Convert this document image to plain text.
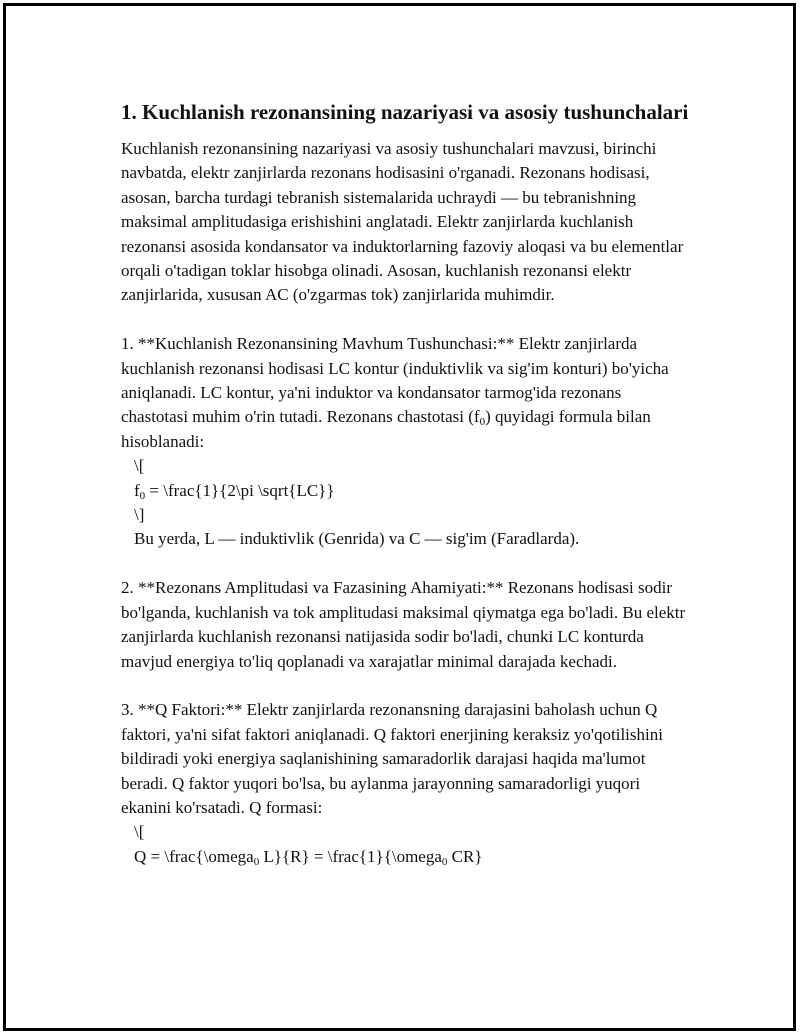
1. Kuchlanish rezonansining nazariyasi va asosiy tushunchalari

Kuchlanish rezonansining nazariyasi va asosiy tushunchalari mavzusi, birinchi navbatda, elektr zanjirlarda rezonans hodisasini o'rganadi. Rezonans hodisasi, asosan, barcha turdagi tebranish sistemalarida uchraydi — bu tebranishning maksimal amplitudasiga erishishini anglatadi. Elektr zanjirlarda kuchlanish rezonansi asosida kondansator va induktorlarning fazoviy aloqasi va bu elementlar orqali o'tadigan toklar hisobga olinadi. Asosan, kuchlanish rezonansi elektr zanjirlarida, xususan AC (o'zgarmas tok) zanjirlarida muhimdir.

1. **Kuchlanish Rezonansining Mavhum Tushunchasi:** Elektr zanjirlarda kuchlanish rezonansi hodisasi LC kontur (induktivlik va sig'im konturi) bo'yicha aniqlanadi. LC kontur, ya'ni induktor va kondansator tarmog'ida rezonans chastotasi muhim o'rin tutadi. Rezonans chastotasi $(f_0)$ quyidagi formula bilan hisoblanadi:

\[

$f_0$ = \frac{1}{2\pi \sqrt{LC}}

\]

Bu yerda, L — induktivlik (Genrida) va C — sig'im (Faradlarda).

2. **Rezonans Amplitudasi va Fazasining Ahamiyati:** Rezonans hodisasi sodir bo'lganda, kuchlanish va tok amplitudasi maksimal qiymatga ega bo'ladi. Bu elektr zanjirlarda kuchlanish rezonansi natijasida sodir bo'ladi, chunki LC konturda mavjud energiya to'liq qoplanadi va xarajatlar minimal darajada kechadi.

3. **Q Faktori:** Elektr zanjirlarda rezonansning darajasini baholash uchun Q faktori, ya'ni sifat faktori aniqlanadi. Q faktori enerjining keraksiz yo'qotilishini bildiradi yoki energiya saqlanishining samaradorlik darajasi haqida ma'lumot beradi. Q faktor yuqori bo'lsa, bu aylanma jarayonning samaradorligi yuqori ekanini ko'rsatadi. Q formasi:

\[

Q = \frac{\omega$_0$ L}{R} = \frac{1}{\omega$_0$ CR}
